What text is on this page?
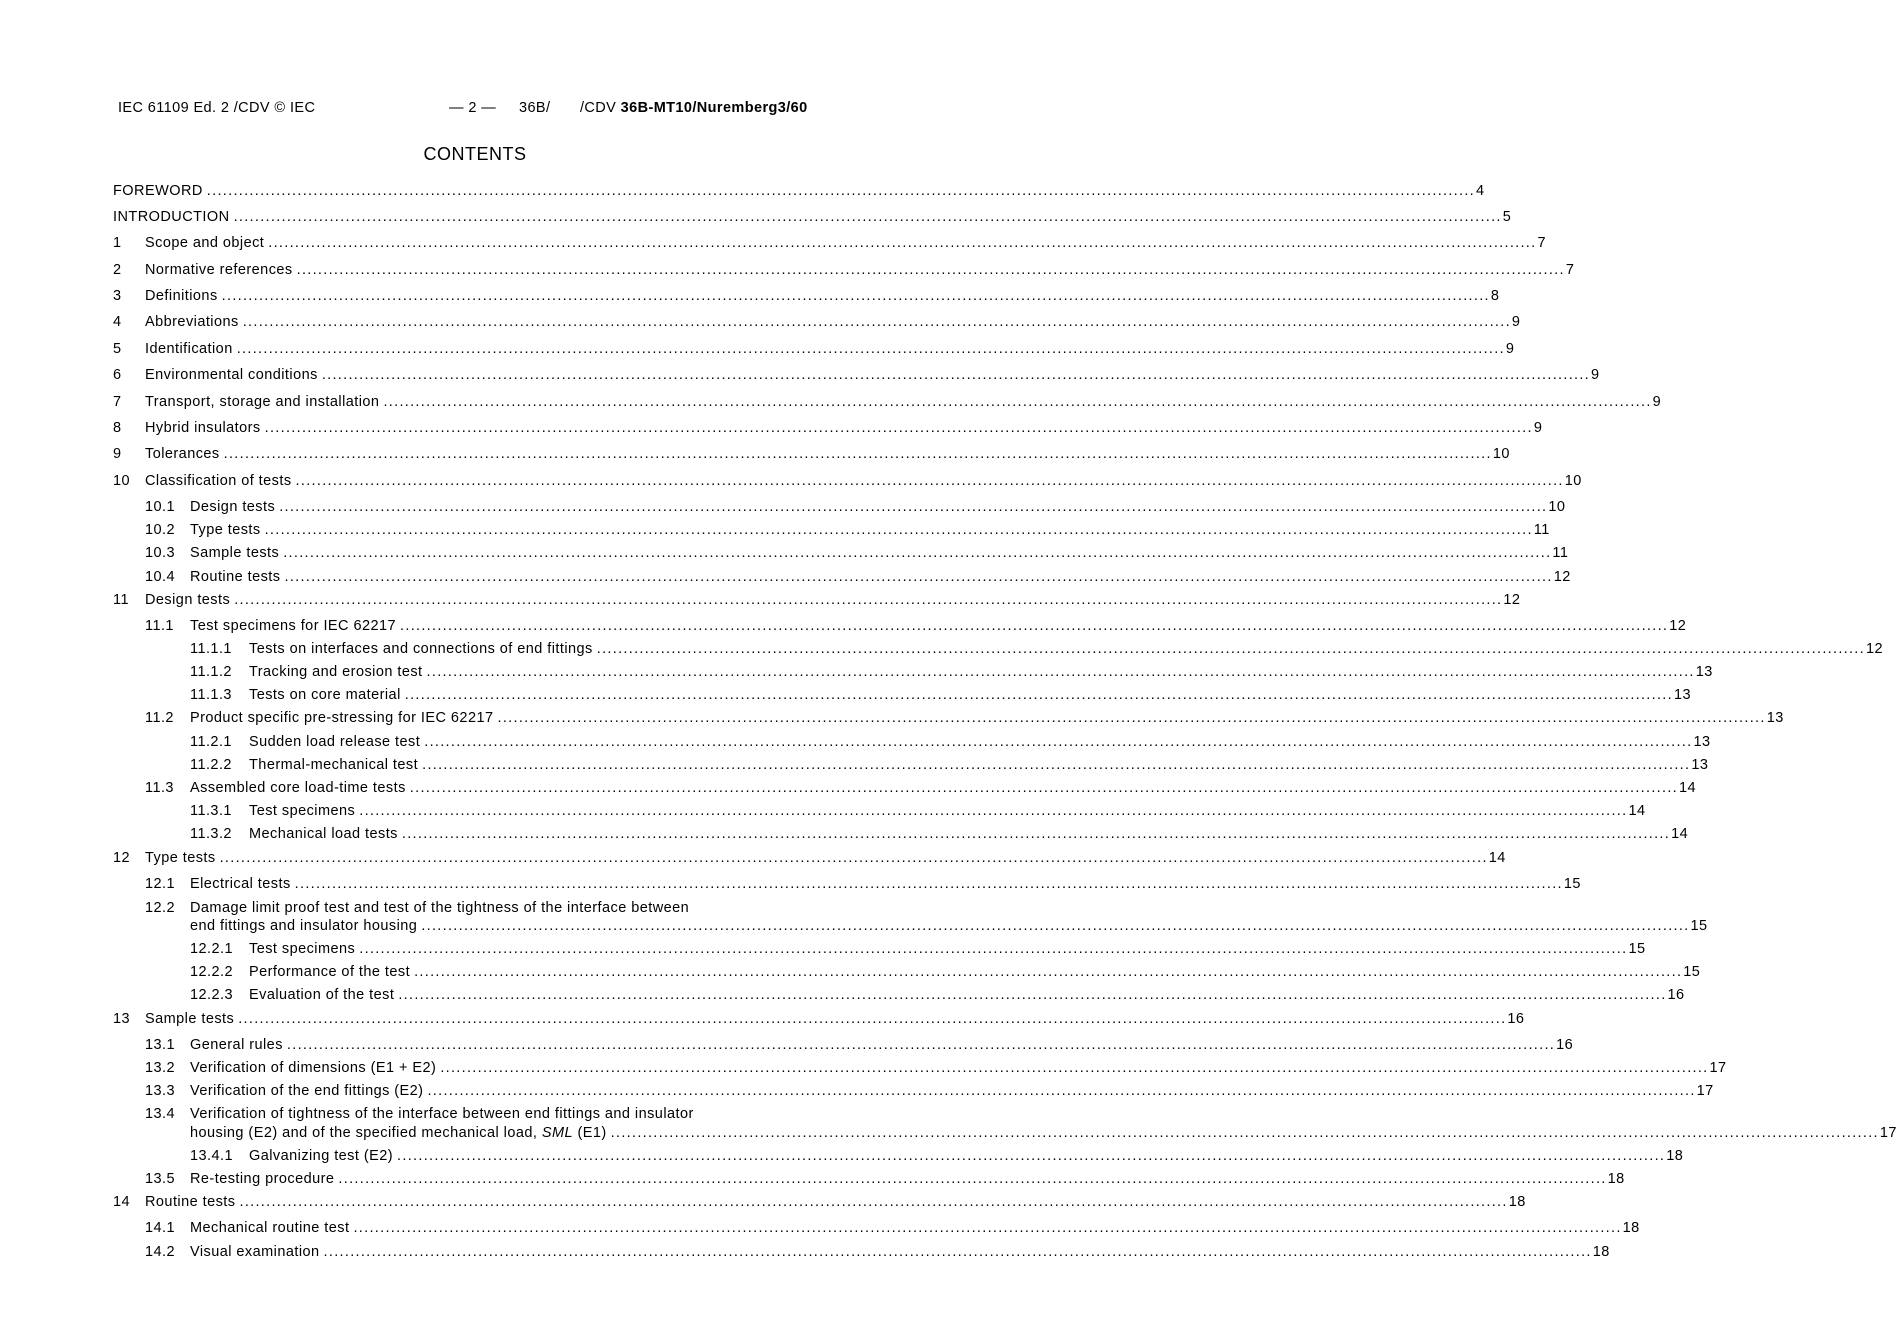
IEC 61109 Ed. 2 /CDV © IEC	— 2 — 36B/ /CDV 36B-MT10/Nuremberg3/60
CONTENTS
FOREWORD .............................................................................................................................................................................................................................................. 4
INTRODUCTION .............................................................................................................................................................................................................................................. 5
1 Scope and object .............................................................................................................................................................................................................................................. 7
2 Normative references .............................................................................................................................................................................................................................................. 7
3 Definitions .............................................................................................................................................................................................................................................. 8
4 Abbreviations .............................................................................................................................................................................................................................................. 9
5 Identification .............................................................................................................................................................................................................................................. 9
6 Environmental conditions .............................................................................................................................................................................................................................................. 9
7 Transport, storage and installation .............................................................................................................................................................................................................................................. 9
8 Hybrid insulators .............................................................................................................................................................................................................................................. 9
9 Tolerances .............................................................................................................................................................................................................................................. 10
10 Classification of tests .............................................................................................................................................................................................................................................. 10
10.1 Design tests .............................................................................................................................................................................................................................................. 10
10.2 Type tests .............................................................................................................................................................................................................................................. 11
10.3 Sample tests .............................................................................................................................................................................................................................................. 11
10.4 Routine tests .............................................................................................................................................................................................................................................. 12
11 Design tests .............................................................................................................................................................................................................................................. 12
11.1 Test specimens for IEC 62217 .............................................................................................................................................................................................................................................. 12
11.1.1 Tests on interfaces and connections of end fittings .............................................................................................................................................................................................................................................. 12
11.1.2 Tracking and erosion test .............................................................................................................................................................................................................................................. 13
11.1.3 Tests on core material .............................................................................................................................................................................................................................................. 13
11.2 Product specific pre-stressing for IEC 62217 .............................................................................................................................................................................................................................................. 13
11.2.1 Sudden load release test .............................................................................................................................................................................................................................................. 13
11.2.2 Thermal-mechanical test .............................................................................................................................................................................................................................................. 13
11.3 Assembled core load-time tests .............................................................................................................................................................................................................................................. 14
11.3.1 Test specimens .............................................................................................................................................................................................................................................. 14
11.3.2 Mechanical load tests .............................................................................................................................................................................................................................................. 14
12 Type tests .............................................................................................................................................................................................................................................. 14
12.1 Electrical tests .............................................................................................................................................................................................................................................. 15
12.2 Damage limit proof test and test of the tightness of the interface between
end fittings and insulator housing .............................................................................................................................................................................................................................................. 15
12.2.1 Test specimens .............................................................................................................................................................................................................................................. 15
12.2.2 Performance of the test .............................................................................................................................................................................................................................................. 15
12.2.3 Evaluation of the test .............................................................................................................................................................................................................................................. 16
13 Sample tests .............................................................................................................................................................................................................................................. 16
13.1 General rules .............................................................................................................................................................................................................................................. 16
13.2 Verification of dimensions (E1 + E2) .............................................................................................................................................................................................................................................. 17
13.3 Verification of the end fittings (E2) .............................................................................................................................................................................................................................................. 17
13.4 Verification of tightness of the interface between end fittings and insulator
housing (E2) and of the specified mechanical load, SML (E1) .............................................................................................................................................................................................................................................. 17
13.4.1 Galvanizing test (E2) .............................................................................................................................................................................................................................................. 18
13.5 Re-testing procedure .............................................................................................................................................................................................................................................. 18
14 Routine tests .............................................................................................................................................................................................................................................. 18
14.1 Mechanical routine test .............................................................................................................................................................................................................................................. 18
14.2 Visual examination .............................................................................................................................................................................................................................................. 18
